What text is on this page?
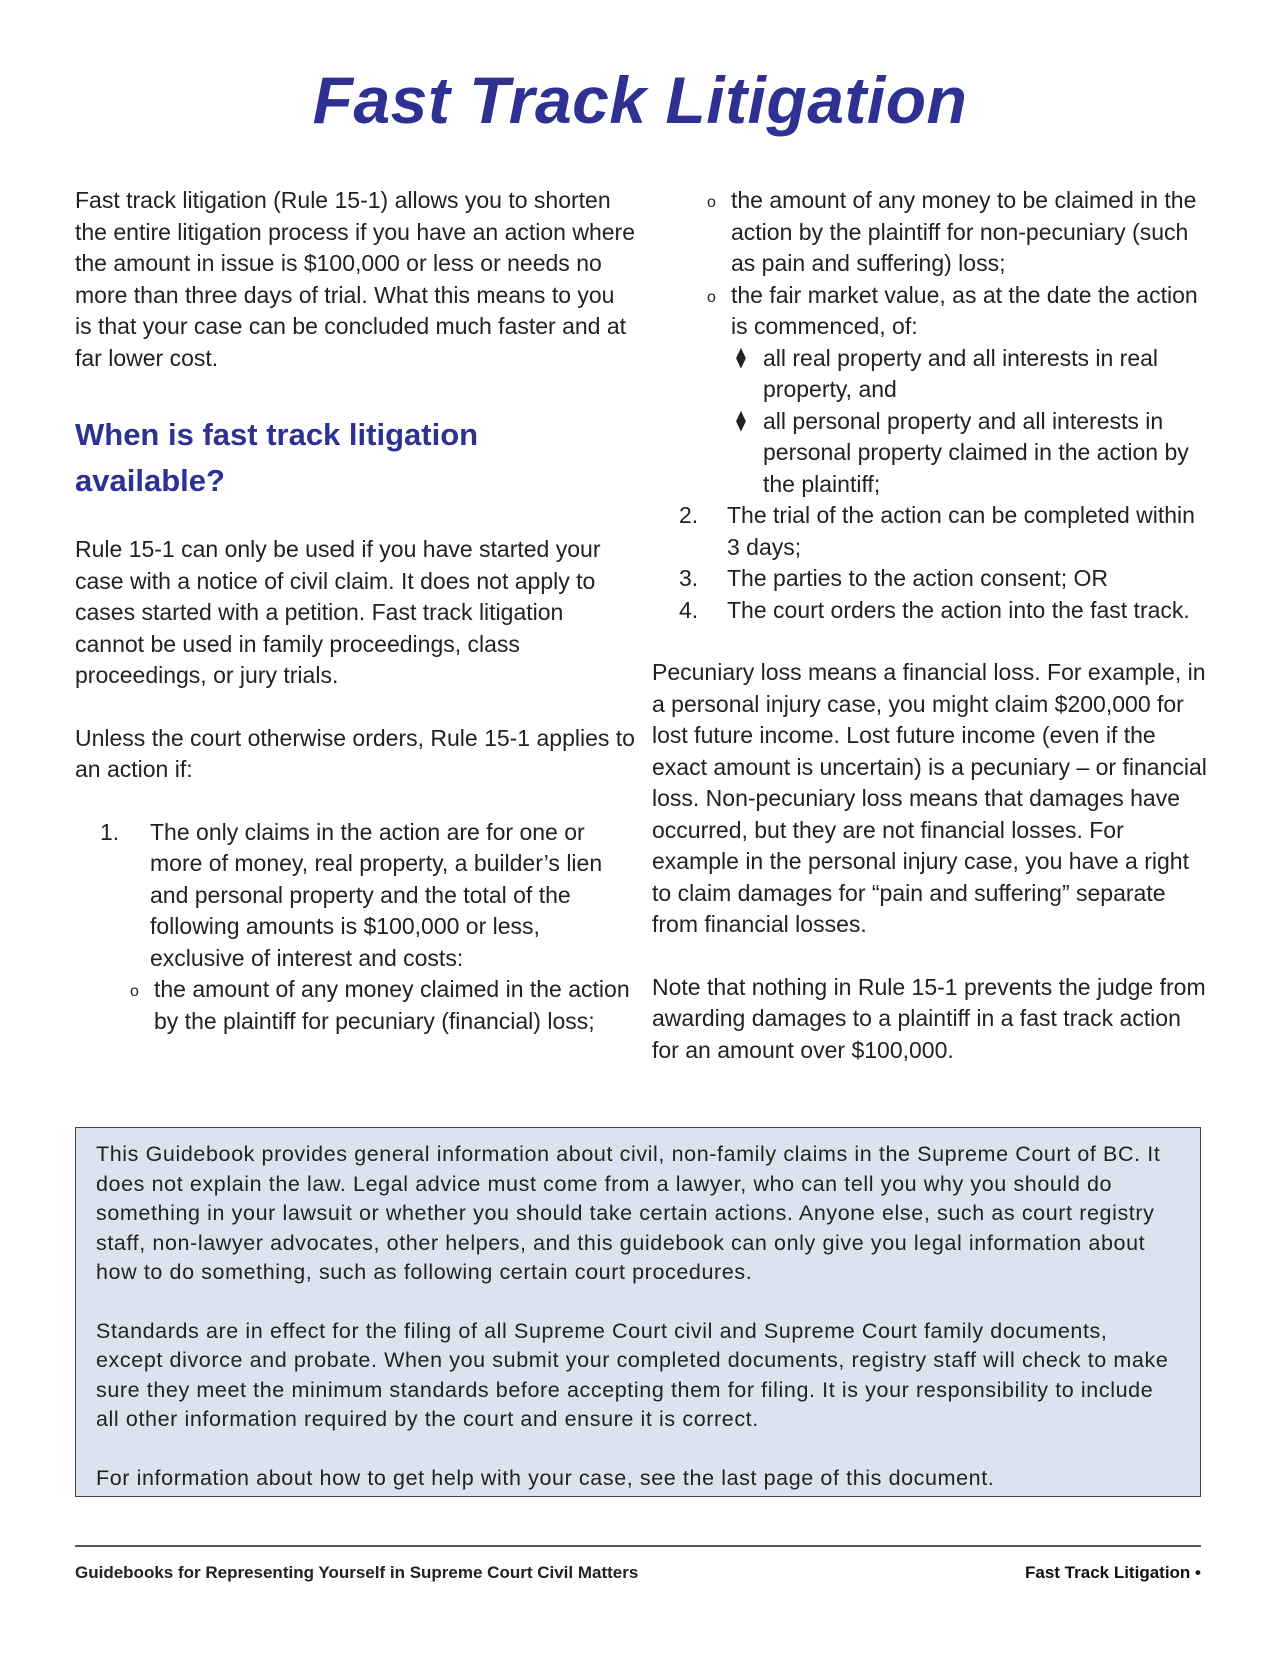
Fast Track Litigation

Fast track litigation (Rule 15-1) allows you to shorten the entire litigation process if you have an action where the amount in issue is $100,000 or less or needs no more than three days of trial. What this means to you is that your case can be concluded much faster and at far lower cost.

When is fast track litigation available?

Rule 15-1 can only be used if you have started your case with a notice of civil claim. It does not apply to cases started with a petition. Fast track litigation cannot be used in family proceedings, class proceedings, or jury trials.

Unless the court otherwise orders, Rule 15-1 applies to an action if:

1. The only claims in the action are for one or more of money, real property, a builder’s lien and personal property and the total of the following amounts is $100,000 or less, exclusive of interest and costs:
o the amount of any money claimed in the action by the plaintiff for pecuniary (financial) loss;
o the amount of any money to be claimed in the action by the plaintiff for non-pecuniary (such as pain and suffering) loss;
o the fair market value, as at the date the action is commenced, of:
⧫ all real property and all interests in real property, and
⧫ all personal property and all interests in personal property claimed in the action by the plaintiff;
2. The trial of the action can be completed within 3 days;
3. The parties to the action consent; OR
4. The court orders the action into the fast track.

Pecuniary loss means a financial loss. For example, in a personal injury case, you might claim $200,000 for lost future income. Lost future income (even if the exact amount is uncertain) is a pecuniary – or financial loss. Non-pecuniary loss means that damages have occurred, but they are not financial losses. For example in the personal injury case, you have a right to claim damages for “pain and suffering” separate from financial losses.

Note that nothing in Rule 15-1 prevents the judge from awarding damages to a plaintiff in a fast track action for an amount over $100,000.

This Guidebook provides general information about civil, non-family claims in the Supreme Court of BC. It does not explain the law. Legal advice must come from a lawyer, who can tell you why you should do something in your lawsuit or whether you should take certain actions. Anyone else, such as court registry staff, non-lawyer advocates, other helpers, and this guidebook can only give you legal information about how to do something, such as following certain court procedures.

Standards are in effect for the filing of all Supreme Court civil and Supreme Court family documents, except divorce and probate. When you submit your completed documents, registry staff will check to make sure they meet the minimum standards before accepting them for filing. It is your responsibility to include all other information required by the court and ensure it is correct.

For information about how to get help with your case, see the last page of this document.

Guidebooks for Representing Yourself in Supreme Court Civil Matters	Fast Track Litigation •
